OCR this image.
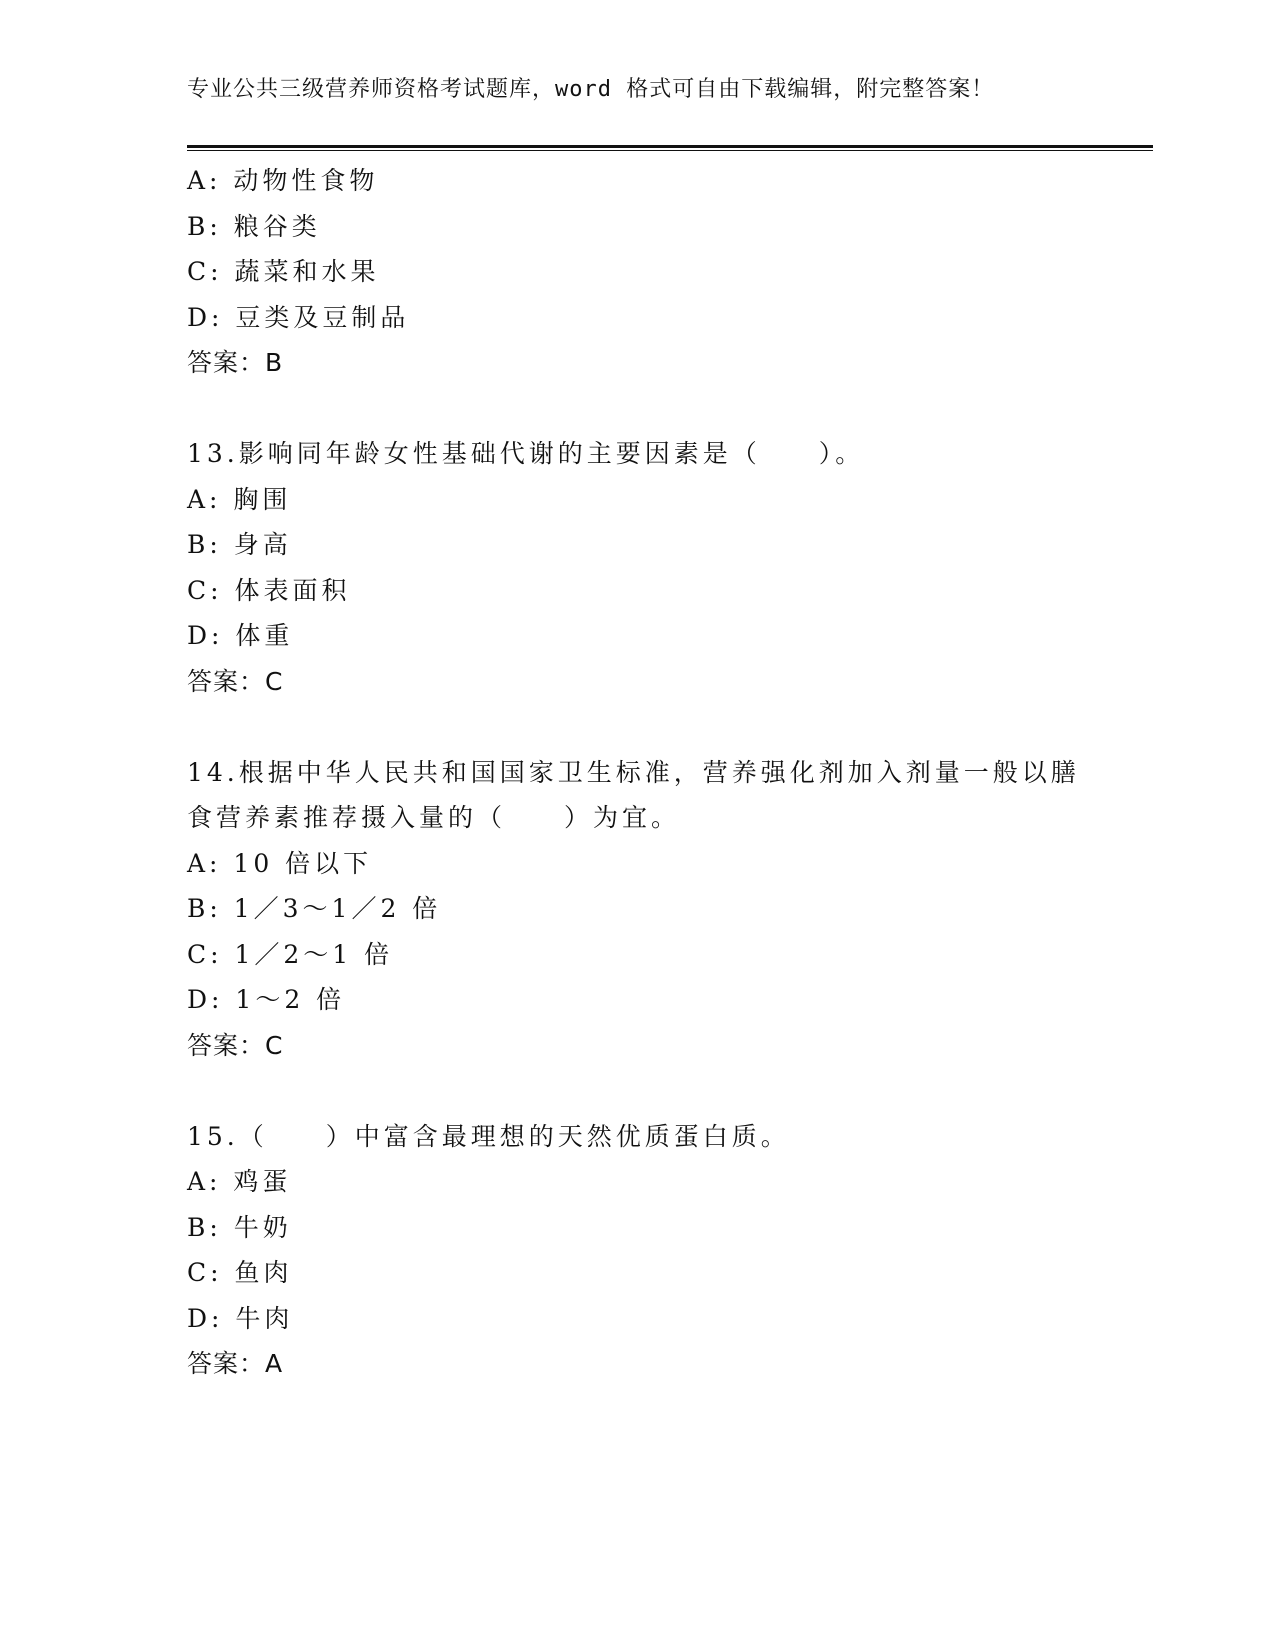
专业公共三级营养师资格考试题库，word 格式可自由下载编辑，附完整答案！
A: 动物性食物
B: 粮谷类
C: 蔬菜和水果
D: 豆类及豆制品
答案：B
13.影响同年龄女性基础代谢的主要因素是（　　）。
A: 胸围
B: 身高
C: 体表面积
D: 体重
答案：C
14.根据中华人民共和国国家卫生标准，营养强化剂加入剂量一般以膳
食营养素推荐摄入量的（　　）为宜。
A: 10 倍以下
B: 1／3～1／2 倍
C: 1／2～1 倍
D: 1～2 倍
答案：C
15.（　　）中富含最理想的天然优质蛋白质。
A: 鸡蛋
B: 牛奶
C: 鱼肉
D: 牛肉
答案：A
